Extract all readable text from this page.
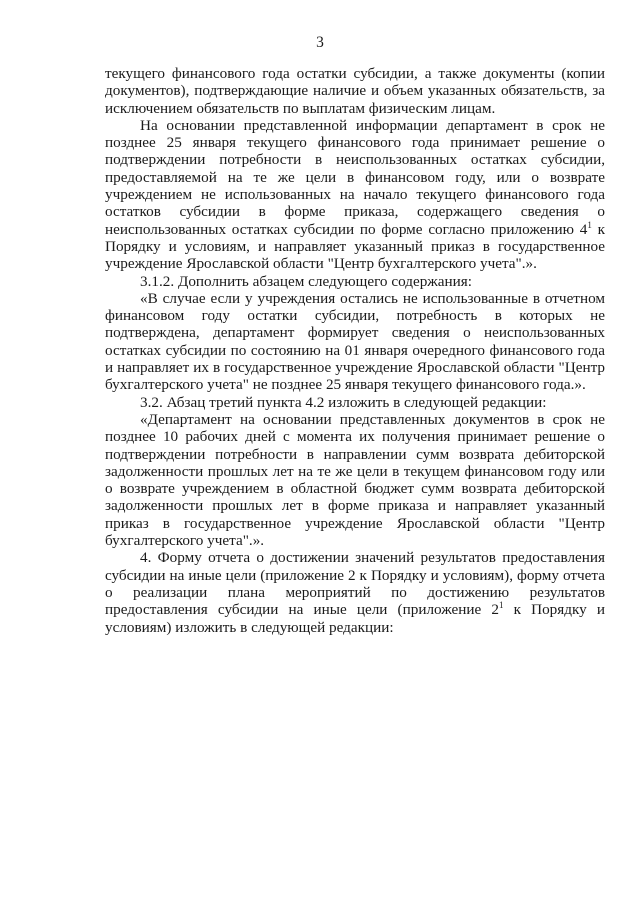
3

текущего финансового года остатки субсидии, а также документы (копии документов), подтверждающие наличие и объем указанных обязательств, за исключением обязательств по выплатам физическим лицам.

На основании представленной информации департамент в срок не позднее 25 января текущего финансового года принимает решение о подтверждении потребности в неиспользованных остатках субсидии, предоставляемой на те же цели в финансовом году, или о возврате учреждением не использованных на начало текущего финансового года остатков субсидии в форме приказа, содержащего сведения о неиспользованных остатках субсидии по форме согласно приложению $4^1$ к Порядку и условиям, и направляет указанный приказ в государственное учреждение Ярославской области "Центр бухгалтерского учета".».

3.1.2. Дополнить абзацем следующего содержания:

«В случае если у учреждения остались не использованные в отчетном финансовом году остатки субсидии, потребность в которых не подтверждена, департамент формирует сведения о неиспользованных остатках субсидии по состоянию на 01 января очередного финансового года и направляет их в государственное учреждение Ярославской области "Центр бухгалтерского учета" не позднее 25 января текущего финансового года.».

3.2. Абзац третий пункта 4.2 изложить в следующей редакции:

«Департамент на основании представленных документов в срок не позднее 10 рабочих дней с момента их получения принимает решение о подтверждении потребности в направлении сумм возврата дебиторской задолженности прошлых лет на те же цели в текущем финансовом году или о возврате учреждением в областной бюджет сумм возврата дебиторской задолженности прошлых лет в форме приказа и направляет указанный приказ в государственное учреждение Ярославской области "Центр бухгалтерского учета".».

4. Форму отчета о достижении значений результатов предоставления субсидии на иные цели (приложение 2 к Порядку и условиям), форму отчета о реализации плана мероприятий по достижению результатов предоставления субсидии на иные цели (приложение $2^1$ к Порядку и условиям) изложить в следующей редакции:
